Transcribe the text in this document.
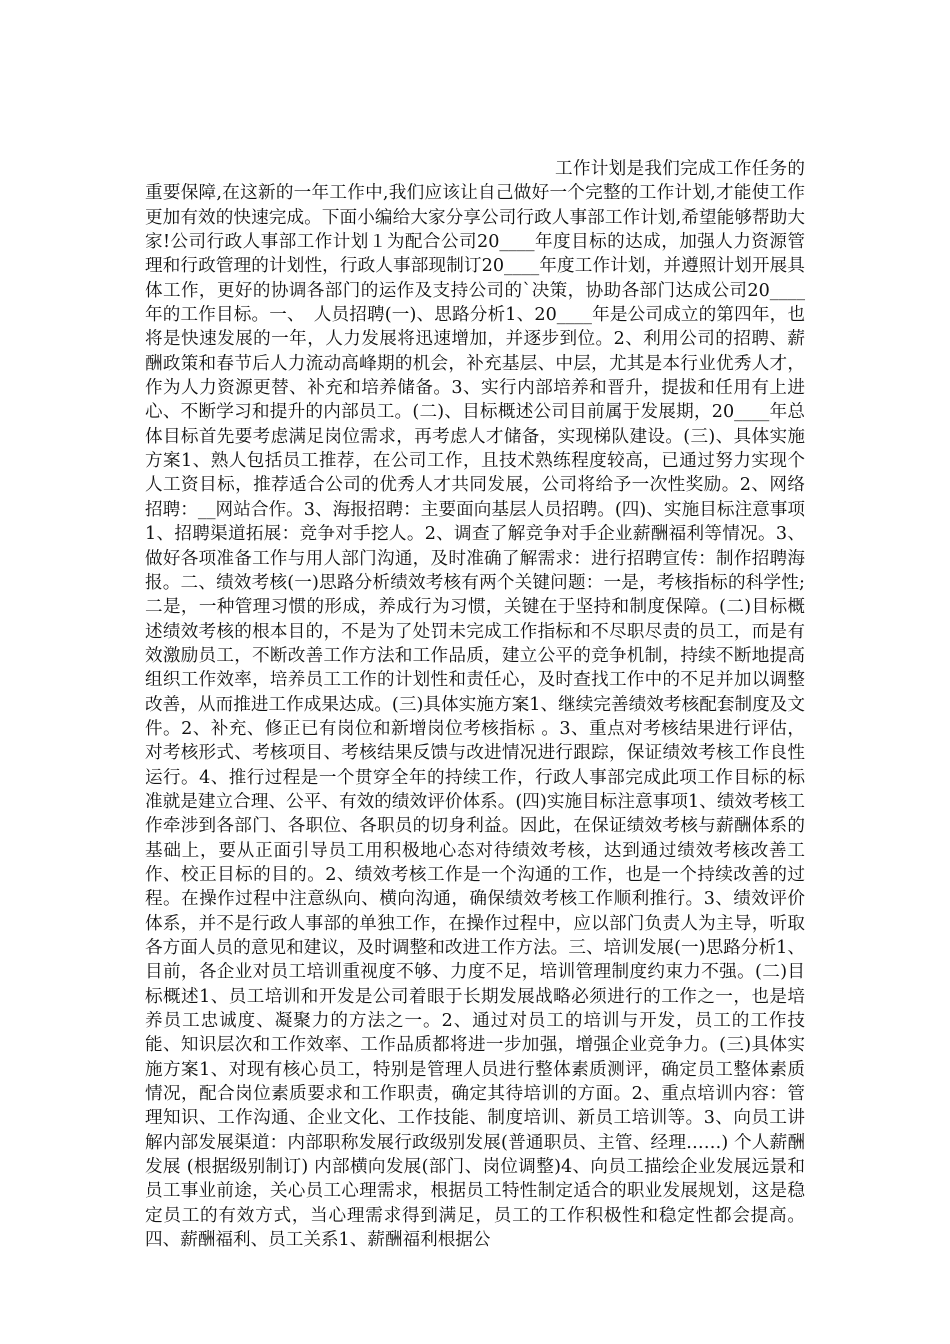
工作计划是我们完成工作任务的重要保障,在这新的一年工作中,我们应该让自己做好一个完整的工作计划,才能使工作更加有效的快速完成。下面小编给大家分享公司行政人事部工作计划,希望能够帮助大家!公司行政人事部工作计划１为配合公司20____年度目标的达成，加强人力资源管理和行政管理的计划性，行政人事部现制订20____年度工作计划，并遵照计划开展具体工作，更好的协调各部门的运作及支持公司的`决策，协助各部门达成公司20____年的工作目标。一、　人员招聘(一)、思路分析1、20____年是公司成立的第四年，也将是快速发展的一年，人力发展将迅速增加，并逐步到位。2、利用公司的招聘、薪酬政策和春节后人力流动高峰期的机会，补充基层、中层，尤其是本行业优秀人才，作为人力资源更替、补充和培养储备。3、实行内部培养和晋升，提拔和任用有上进心、不断学习和提升的内部员工。(二)、目标概述公司目前属于发展期，20____年总体目标首先要考虑满足岗位需求，再考虑人才储备，实现梯队建设。(三)、具体实施方案1、熟人包括员工推荐，在公司工作，且技术熟练程度较高，已通过努力实现个人工资目标，推荐适合公司的优秀人才共同发展，公司将给予一次性奖励。2、网络招聘：__网站合作。3、海报招聘：主要面向基层人员招聘。(四)、实施目标注意事项 1、招聘渠道拓展：竞争对手挖人。2、调查了解竞争对手企业薪酬福利等情况。3、做好各项准备工作与用人部门沟通，及时准确了解需求：进行招聘宣传：制作招聘海报。二、绩效考核(一)思路分析绩效考核有两个关键问题：一是，考核指标的科学性;二是，一种管理习惯的形成，养成行为习惯，关键在于坚持和制度保障。(二)目标概述绩效考核的根本目的，不是为了处罚未完成工作指标和不尽职尽责的员工，而是有效激励员工，不断改善工作方法和工作品质，建立公平的竞争机制，持续不断地提高组织工作效率，培养员工工作的计划性和责任心，及时查找工作中的不足并加以调整改善，从而推进工作成果达成。(三)具体实施方案1、继续完善绩效考核配套制度及文件。2、补充、修正已有岗位和新增岗位考核指标 。3、重点对考核结果进行评估，对考核形式、考核项目、考核结果反馈与改进情况进行跟踪，保证绩效考核工作良性运行。4、推行过程是一个贯穿全年的持续工作，行政人事部完成此项工作目标的标准就是建立合理、公平、有效的绩效评价体系。(四)实施目标注意事项1、绩效考核工作牵涉到各部门、各职位、各职员的切身利益。因此，在保证绩效考核与薪酬体系的基础上，要从正面引导员工用积极地心态对待绩效考核，达到通过绩效考核改善工作、校正目标的目的。2、绩效考核工作是一个沟通的工作，也是一个持续改善的过程。在操作过程中注意纵向、横向沟通，确保绩效考核工作顺利推行。3、绩效评价体系，并不是行政人事部的单独工作，在操作过程中，应以部门负责人为主导，听取各方面人员的意见和建议，及时调整和改进工作方法。三、培训发展(一)思路分析1、目前，各企业对员工培训重视度不够、力度不足，培训管理制度约束力不强。(二)目标概述1、员工培训和开发是公司着眼于长期发展战略必须进行的工作之一，也是培养员工忠诚度、凝聚力的方法之一。2、通过对员工的培训与开发，员工的工作技能、知识层次和工作效率、工作品质都将进一步加强，增强企业竞争力。(三)具体实施方案1、对现有核心员工，特别是管理人员进行整体素质测评，确定员工整体素质情况，配合岗位素质要求和工作职责，确定其待培训的方面。2、重点培训内容：管理知识、工作沟通、企业文化、工作技能、制度培训、新员工培训等。3、向员工讲解内部发展渠道：内部职称发展行政级别发展(普通职员、主管、经理……) 个人薪酬发展 (根据级别制订) 内部横向发展(部门、岗位调整)4、向员工描绘企业发展远景和员工事业前途，关心员工心理需求，根据员工特性制定适合的职业发展规划，这是稳定员工的有效方式，当心理需求得到满足，员工的工作积极性和稳定性都会提高。四、薪酬福利、员工关系1、薪酬福利根据公
